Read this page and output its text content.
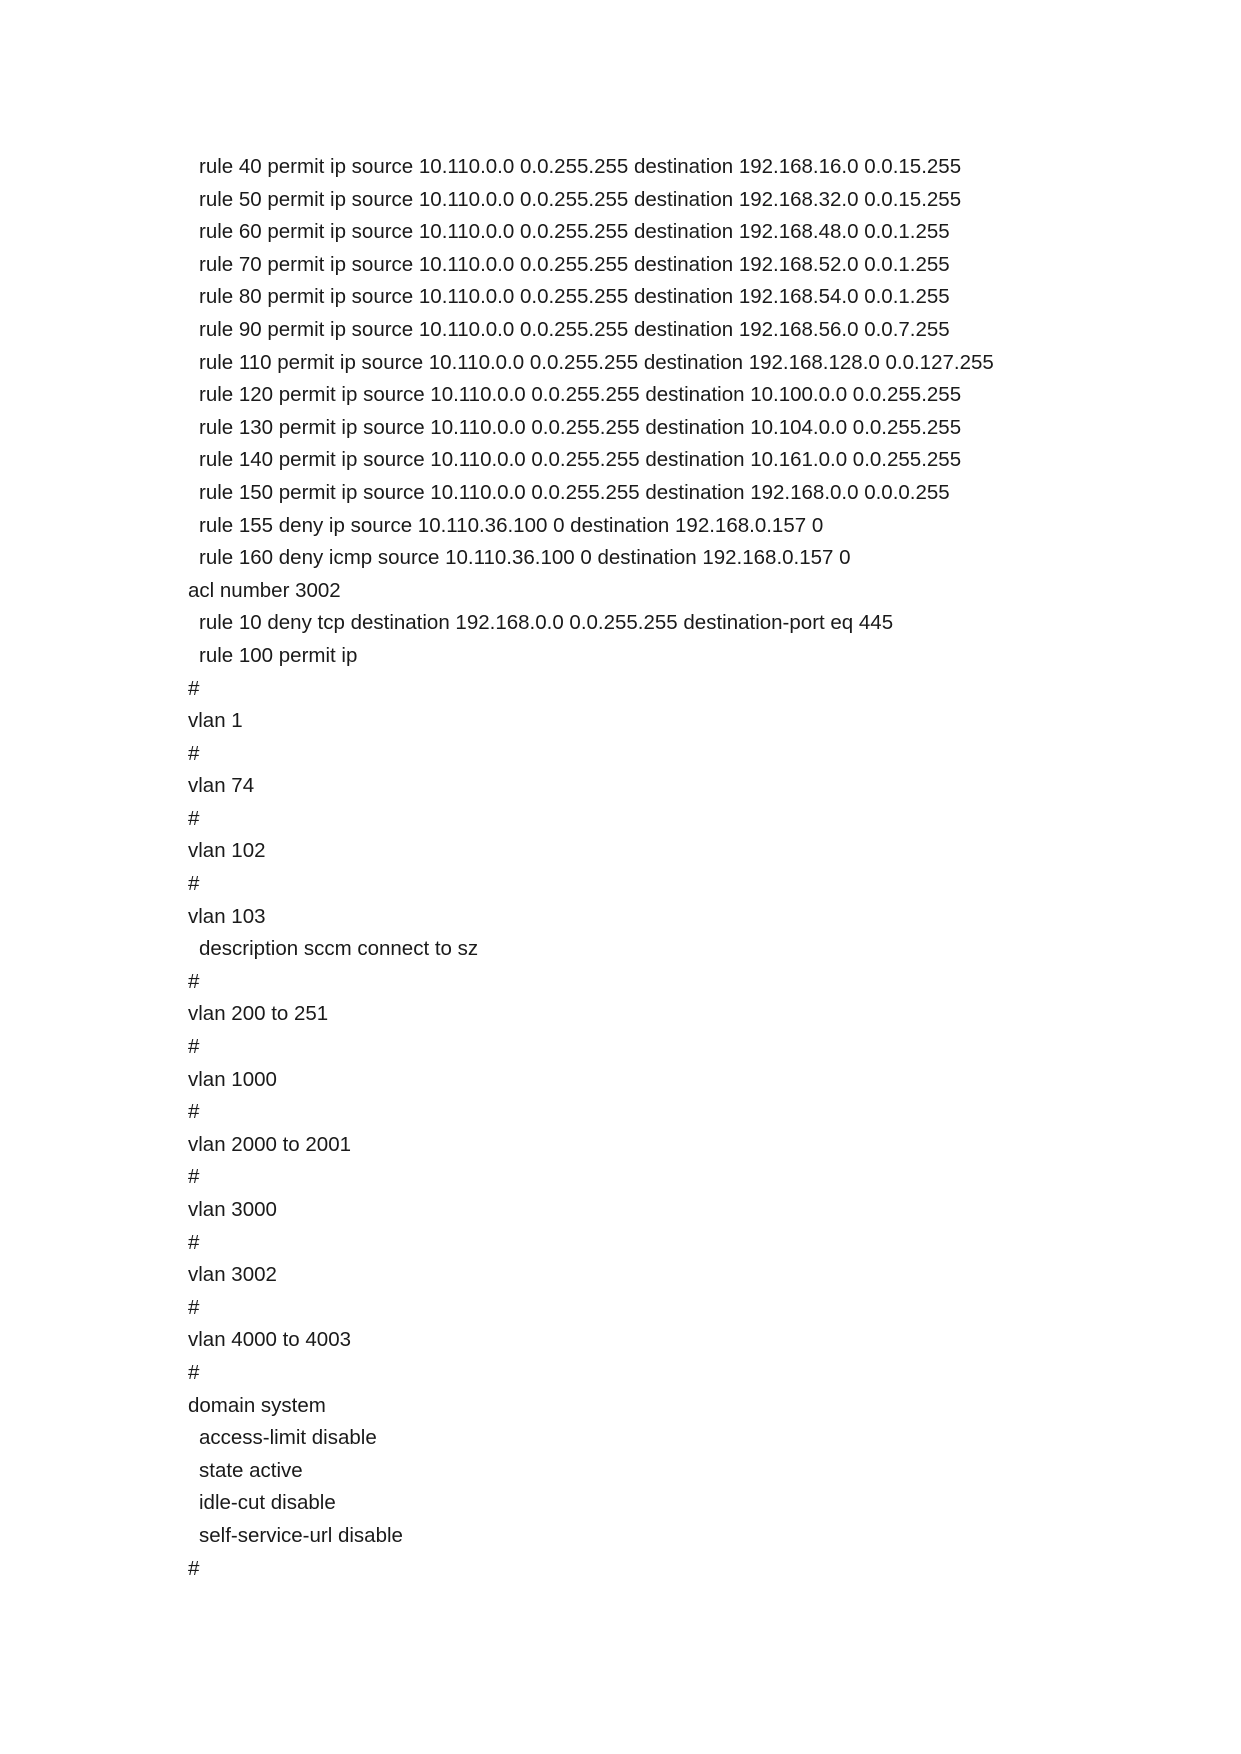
rule 40 permit ip source 10.110.0.0 0.0.255.255 destination 192.168.16.0 0.0.15.255
rule 50 permit ip source 10.110.0.0 0.0.255.255 destination 192.168.32.0 0.0.15.255
rule 60 permit ip source 10.110.0.0 0.0.255.255 destination 192.168.48.0 0.0.1.255
rule 70 permit ip source 10.110.0.0 0.0.255.255 destination 192.168.52.0 0.0.1.255
rule 80 permit ip source 10.110.0.0 0.0.255.255 destination 192.168.54.0 0.0.1.255
rule 90 permit ip source 10.110.0.0 0.0.255.255 destination 192.168.56.0 0.0.7.255
rule 110 permit ip source 10.110.0.0 0.0.255.255 destination 192.168.128.0 0.0.127.255
rule 120 permit ip source 10.110.0.0 0.0.255.255 destination 10.100.0.0 0.0.255.255
rule 130 permit ip source 10.110.0.0 0.0.255.255 destination 10.104.0.0 0.0.255.255
rule 140 permit ip source 10.110.0.0 0.0.255.255 destination 10.161.0.0 0.0.255.255
rule 150 permit ip source 10.110.0.0 0.0.255.255 destination 192.168.0.0 0.0.0.255
rule 155 deny ip source 10.110.36.100 0 destination 192.168.0.157 0
rule 160 deny icmp source 10.110.36.100 0 destination 192.168.0.157 0
acl number 3002
rule 10 deny tcp destination 192.168.0.0 0.0.255.255 destination-port eq 445
rule 100 permit ip
#
vlan 1
#
vlan 74
#
vlan 102
#
vlan 103
description sccm connect to sz
#
vlan 200 to 251
#
vlan 1000
#
vlan 2000 to 2001
#
vlan 3000
#
vlan 3002
#
vlan 4000 to 4003
#
domain system
access-limit disable
state active
idle-cut disable
self-service-url disable
#
